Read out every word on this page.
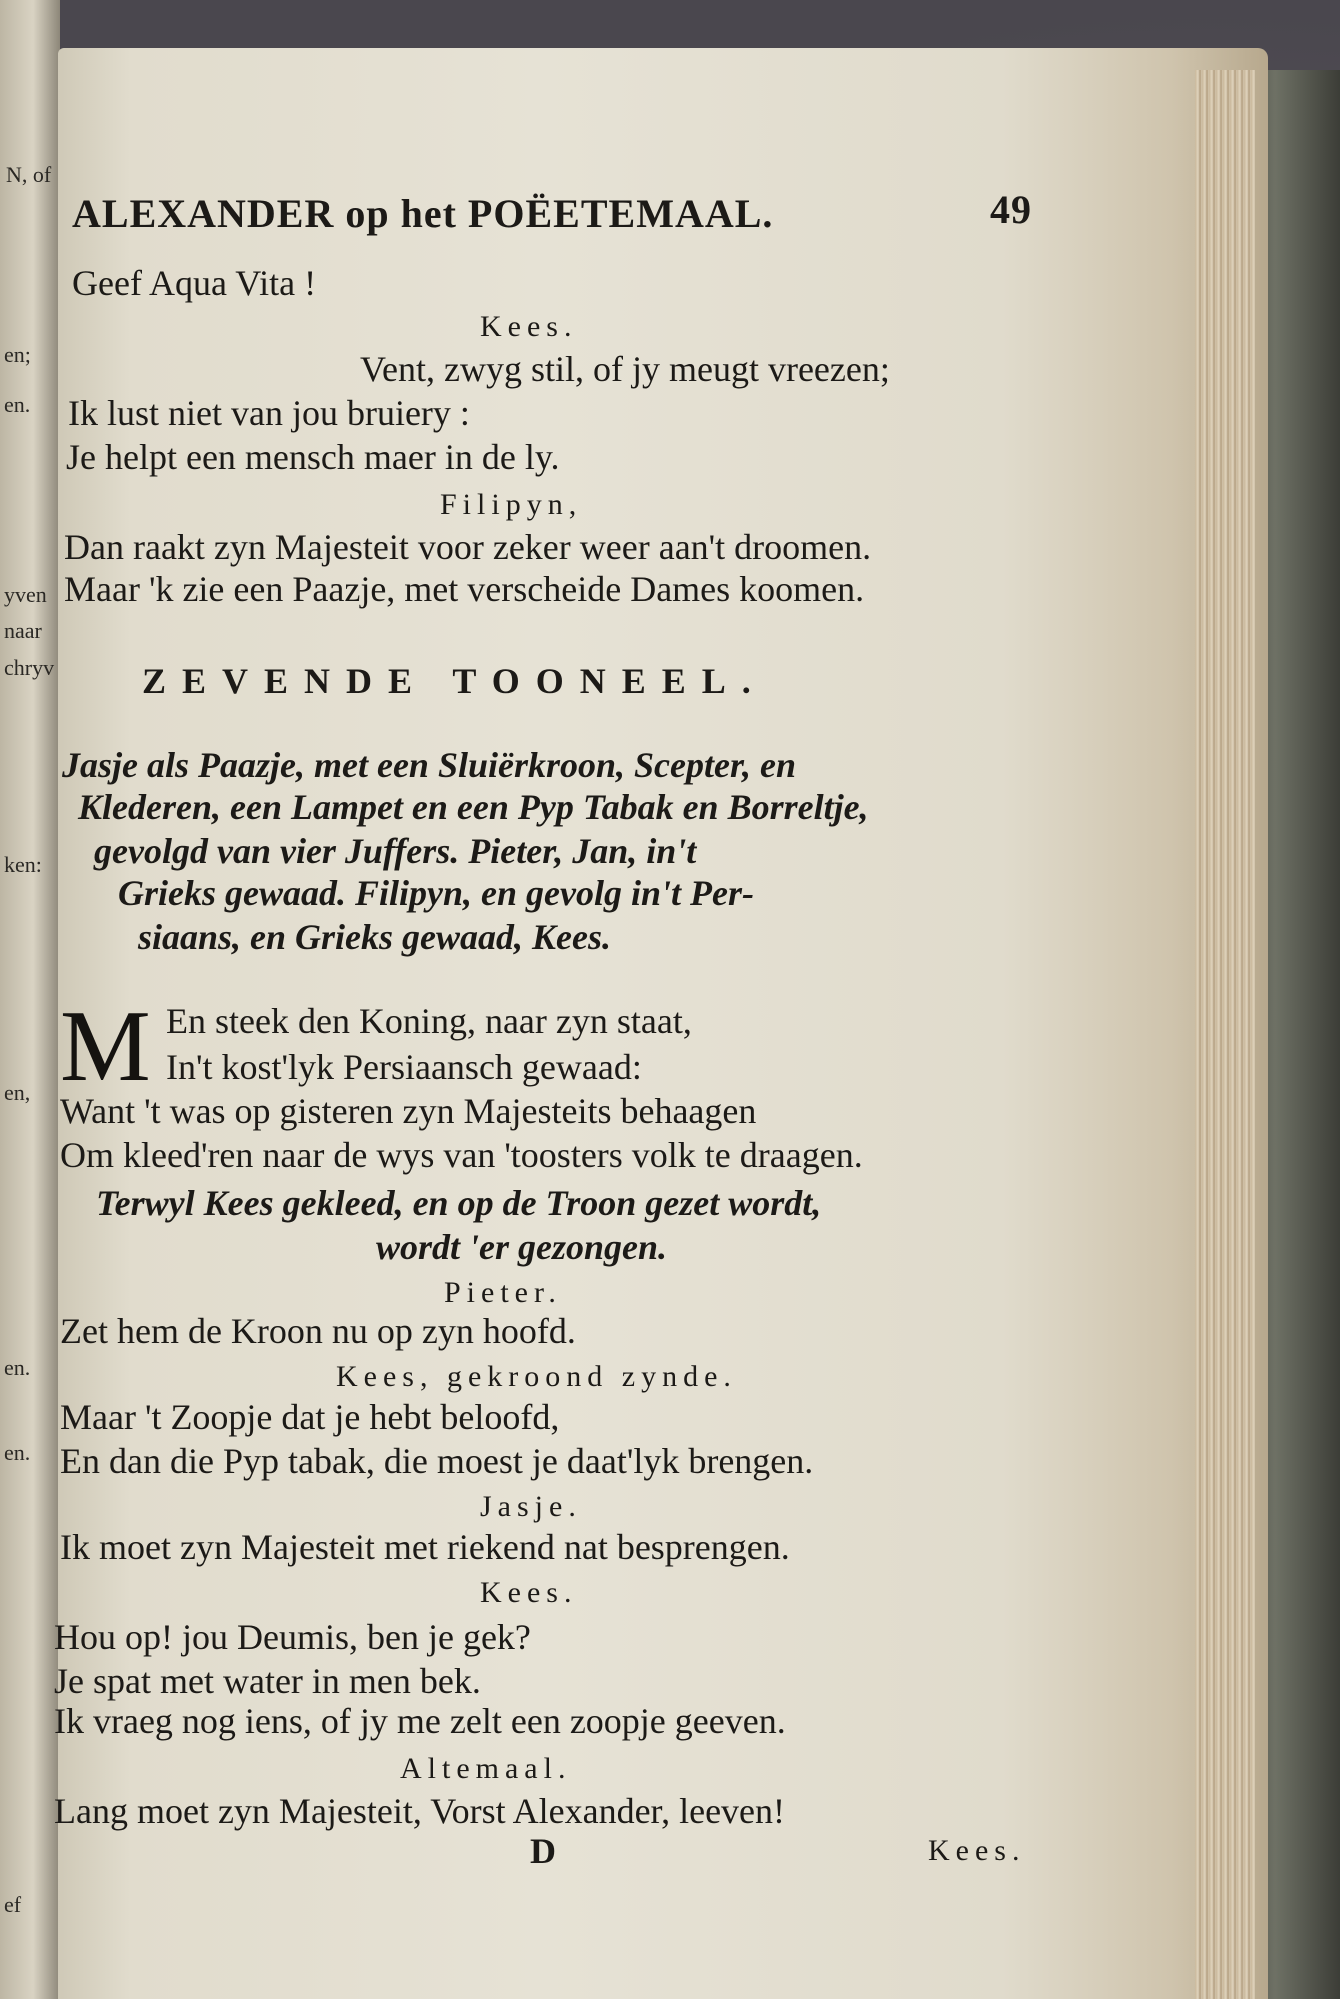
N, of
en;
en.
yven
naar
chryv
ken:
en,
en.
en.
ef
ALEXANDER op het POËETEMAAL.	49
Geef Aqua Vita !
Kees.
Vent, zwyg stil, of jy meugt vreezen;
Ik lust niet van jou bruiery :
Je helpt een mensch maer in de ly.
Filipyn,
Dan raakt zyn Majesteit voor zeker weer aan't droomen.
Maar 'k zie een Paazje, met verscheide Dames koomen.
ZEVENDE TOONEEL.
Jasje als Paazje, met een Sluiërkroon, Scepter, en
Klederen, een Lampet en een Pyp Tabak en Borreltje,
gevolgd van vier Juffers. Pieter, Jan, in't
Grieks gewaad. Filipyn, en gevolg in't Per-
siaans, en Grieks gewaad, Kees.
M En steek den Koning, naar zyn staat,
In't kost'lyk Persiaansch gewaad:
Want 't was op gisteren zyn Majesteits behaagen
Om kleed'ren naar de wys van 'toosters volk te draagen.
Terwyl Kees gekleed, en op de Troon gezet wordt,
wordt 'er gezongen.
Pieter.
Zet hem de Kroon nu op zyn hoofd.
Kees, gekroond zynde.
Maar 't Zoopje dat je hebt beloofd,
En dan die Pyp tabak, die moest je daat'lyk brengen.
Jasje.
Ik moet zyn Majesteit met riekend nat besprengen.
Kees.
Hou op! jou Deumis, ben je gek?
Je spat met water in men bek.
Ik vraeg nog iens, of jy me zelt een zoopje geeven.
Altemaal.
Lang moet zyn Majesteit, Vorst Alexander, leeven!
D	Kees.
